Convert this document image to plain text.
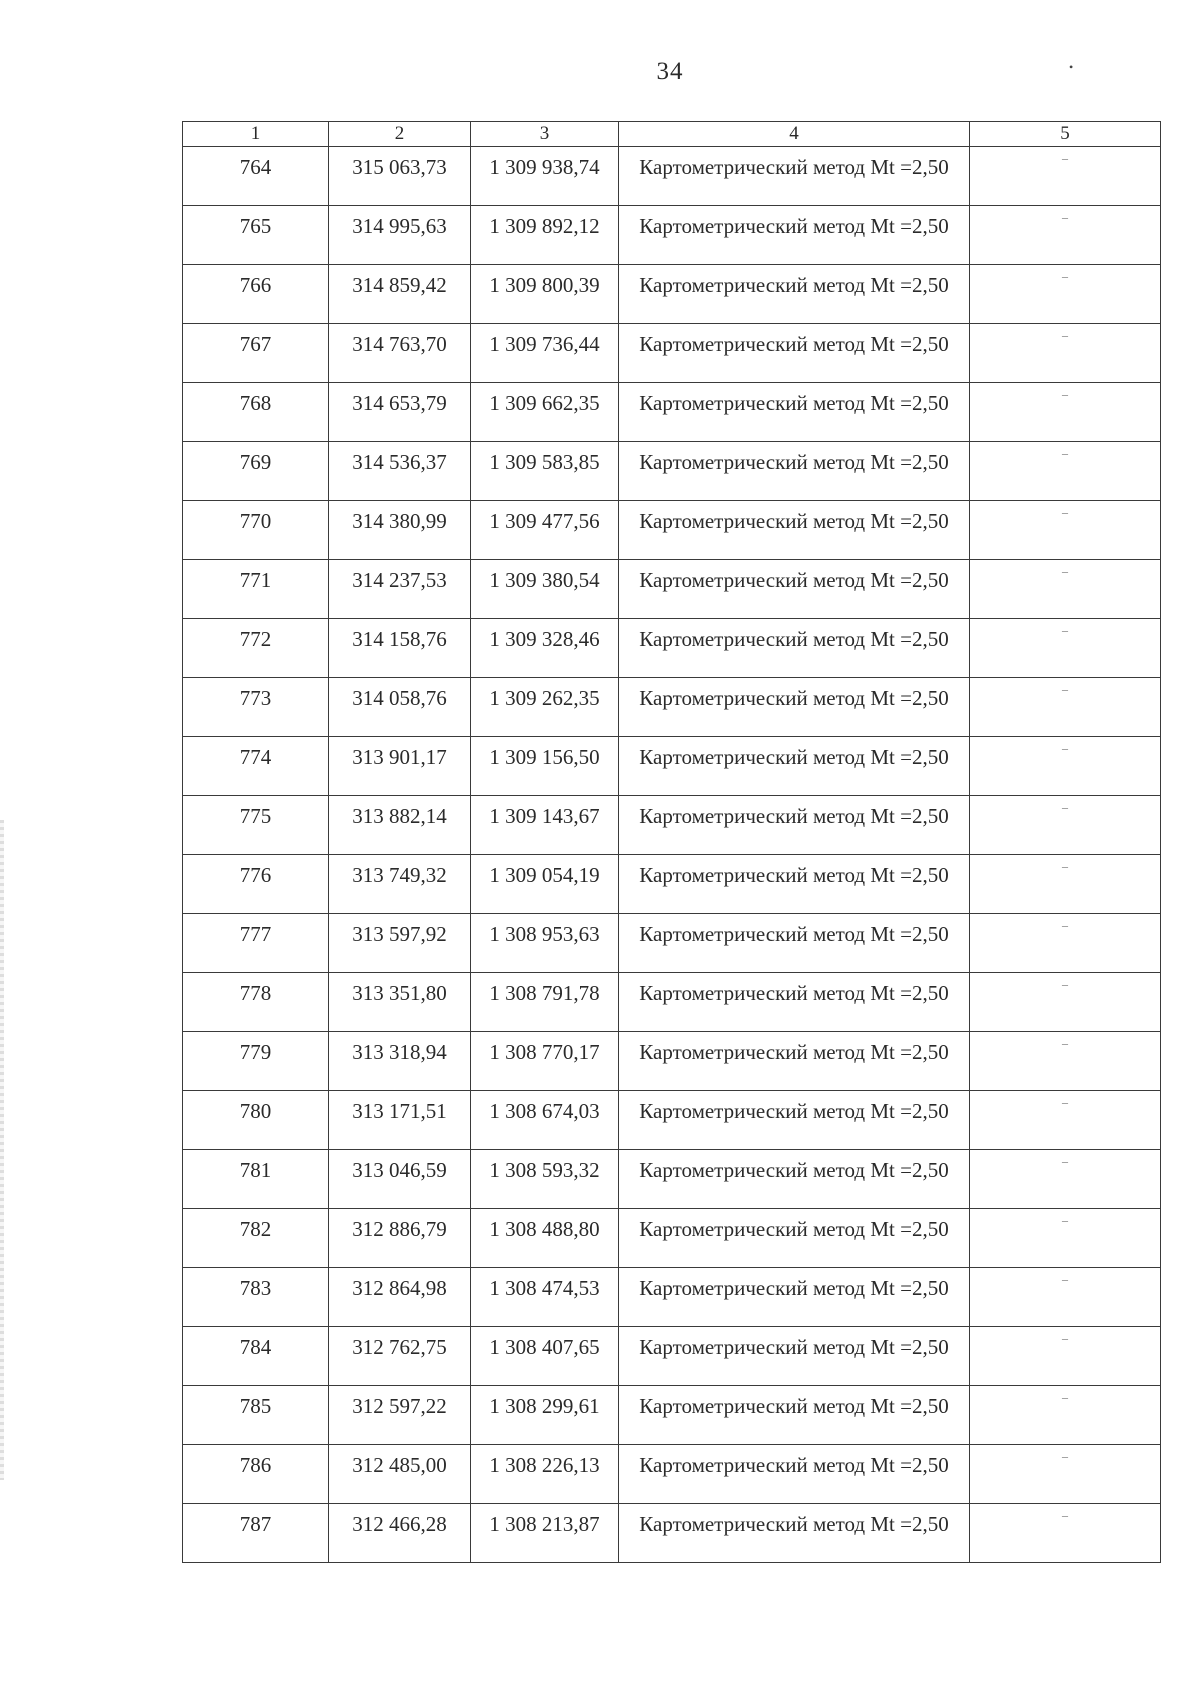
34	•
1	2	3	4	5

764	315 063,73	1 309 938,74	Картометрический метод Mt =2,50	–

765	314 995,63	1 309 892,12	Картометрический метод Mt =2,50	–

766	314 859,42	1 309 800,39	Картометрический метод Mt =2,50	–

767	314 763,70	1 309 736,44	Картометрический метод Mt =2,50	–

768	314 653,79	1 309 662,35	Картометрический метод Mt =2,50	–

769	314 536,37	1 309 583,85	Картометрический метод Mt =2,50	–

770	314 380,99	1 309 477,56	Картометрический метод Mt =2,50	–

771	314 237,53	1 309 380,54	Картометрический метод Mt =2,50	–

772	314 158,76	1 309 328,46	Картометрический метод Mt =2,50	–

773	314 058,76	1 309 262,35	Картометрический метод Mt =2,50	–

774	313 901,17	1 309 156,50	Картометрический метод Mt =2,50	–

775	313 882,14	1 309 143,67	Картометрический метод Mt =2,50	–

776	313 749,32	1 309 054,19	Картометрический метод Mt =2,50	–

777	313 597,92	1 308 953,63	Картометрический метод Mt =2,50	–

778	313 351,80	1 308 791,78	Картометрический метод Mt =2,50	–

779	313 318,94	1 308 770,17	Картометрический метод Mt =2,50	–

780	313 171,51	1 308 674,03	Картометрический метод Mt =2,50	–

781	313 046,59	1 308 593,32	Картометрический метод Mt =2,50	–

782	312 886,79	1 308 488,80	Картометрический метод Mt =2,50	–

783	312 864,98	1 308 474,53	Картометрический метод Mt =2,50	–

784	312 762,75	1 308 407,65	Картометрический метод Mt =2,50	–

785	312 597,22	1 308 299,61	Картометрический метод Mt =2,50	–

786	312 485,00	1 308 226,13	Картометрический метод Mt =2,50	–

787	312 466,28	1 308 213,87	Картометрический метод Mt =2,50	–
